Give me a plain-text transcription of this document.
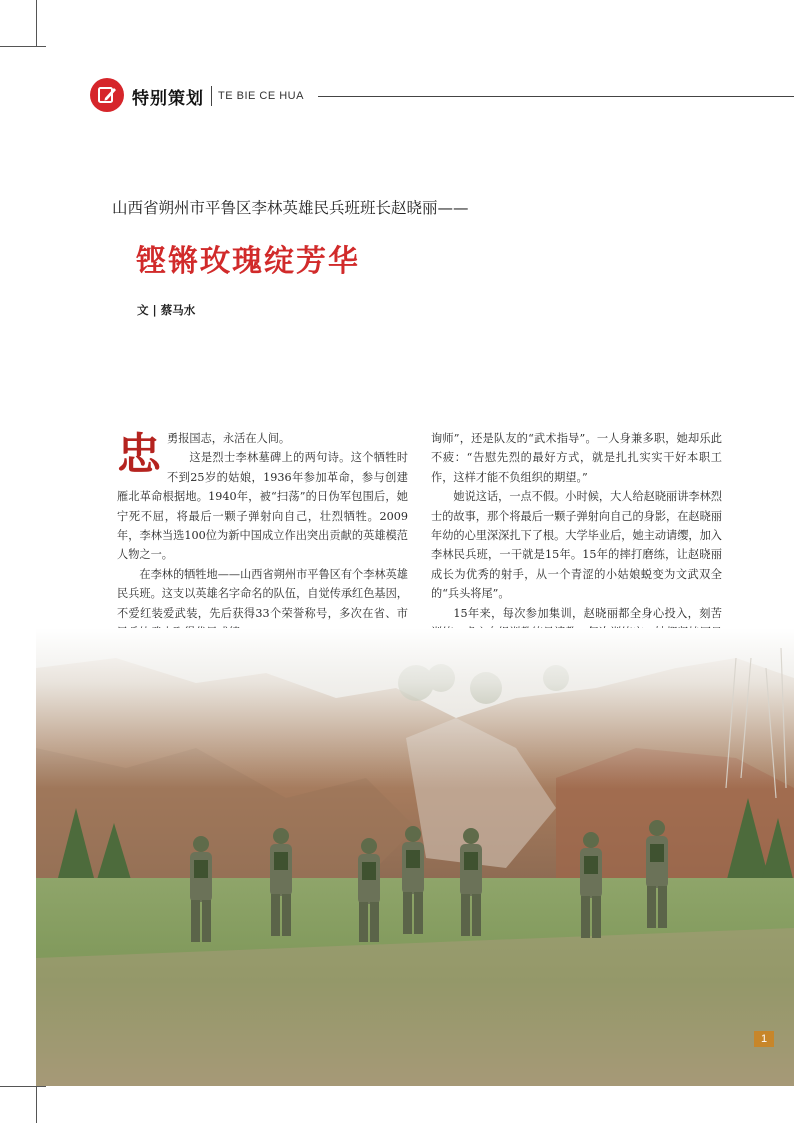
特别策划 TE BIE CE HUA
山西省朔州市平鲁区李林英雄民兵班班长赵晓丽——
铿锵玫瑰绽芳华
文 | 蔡马水
忠 勇报国志，永活在人间。

这是烈士李林墓碑上的两句诗。这个牺牲时不到25岁的姑娘，1936年参加革命，参与创建雁北革命根据地。1940年，被“扫荡”的日伪军包围后，她宁死不屈，将最后一颗子弹射向自己，壮烈牺牲。2009年，李林当选100位为新中国成立作出突出贡献的英雄模范人物之一。

在李林的牺牲地——山西省朔州市平鲁区有个李林英雄民兵班。这支以英雄名字命名的队伍，自觉传承红色基因，不爱红装爱武装，先后获得33个荣誉称号，多次在省、市

询师”，还是队友的“武术指导”。一人身兼多职，她却乐此不疲：“告慰先烈的最好方式，就是扎扎实实干好本职工作，这样才能不负组织的期望。”

她说这话，一点不假。小时候，大人给赵晓丽讲李林烈士的故事，那个将最后一颗子弹射向自己的身影，在赵晓丽年幼的心里深深扎下了根。大学毕业后，她主动请缨，加入李林民兵班，一干就是15年。15年的摔打磨练，让赵晓丽成长为优秀的射手，从一个青涩的小姑娘蜕变为文武双全的“兵头将尾”。

15年来，每次参加集训，赵晓丽都全身心投入，刻苦

1
